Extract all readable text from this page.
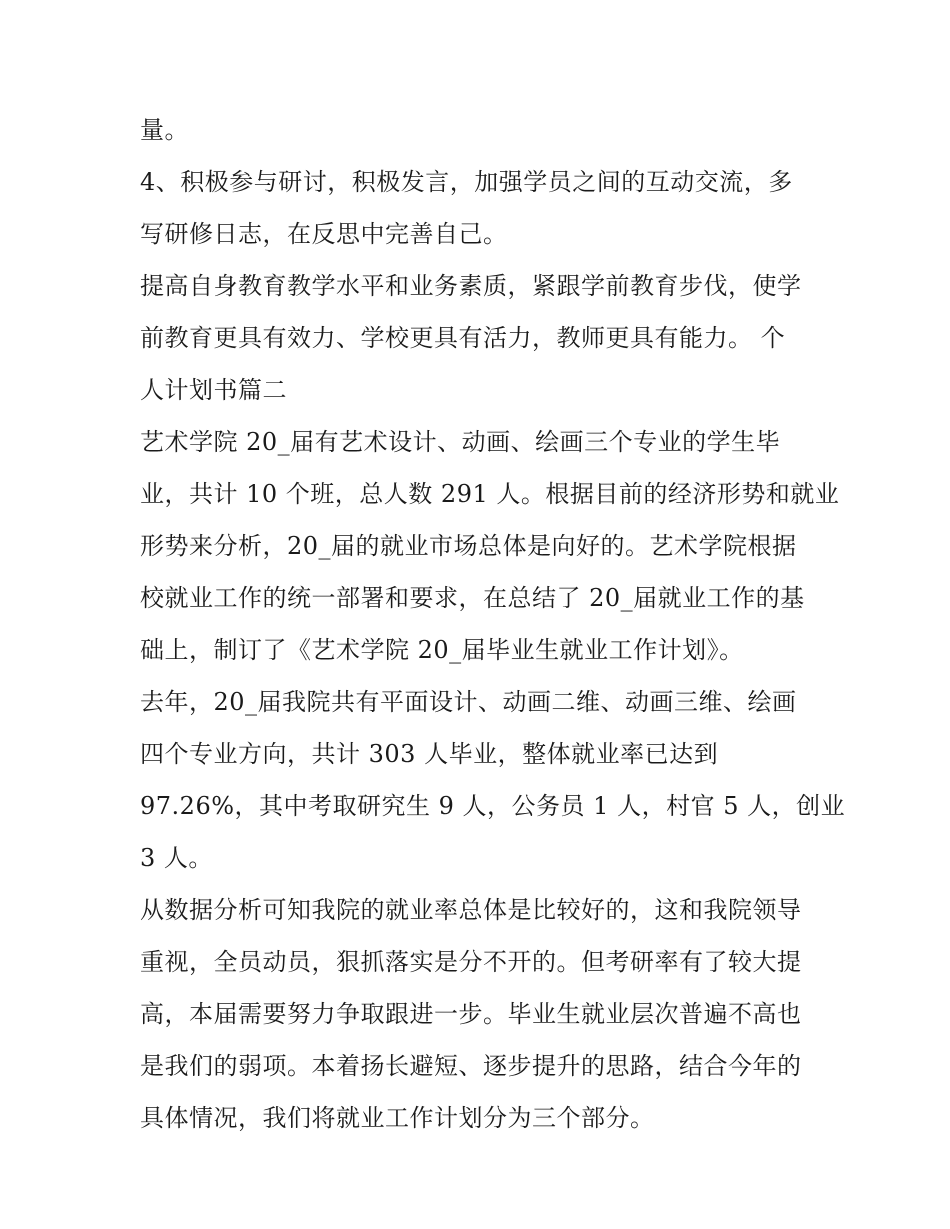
量。
4、积极参与研讨，积极发言，加强学员之间的互动交流，多
写研修日志，在反思中完善自己。
提高自身教育教学水平和业务素质，紧跟学前教育步伐，使学
前教育更具有效力、学校更具有活力，教师更具有能力。 个
人计划书篇二
艺术学院 20_届有艺术设计、动画、绘画三个专业的学生毕
业，共计 10 个班，总人数 291 人。根据目前的经济形势和就业
形势来分析，20_届的就业市场总体是向好的。艺术学院根据
校就业工作的统一部署和要求，在总结了 20_届就业工作的基
础上，制订了《艺术学院 20_届毕业生就业工作计划》。
去年，20_届我院共有平面设计、动画二维、动画三维、绘画
四个专业方向，共计 303 人毕业，整体就业率已达到
97.26%，其中考取研究生 9 人，公务员 1 人，村官 5 人，创业
3 人。
从数据分析可知我院的就业率总体是比较好的，这和我院领导
重视，全员动员，狠抓落实是分不开的。但考研率有了较大提
高，本届需要努力争取跟进一步。毕业生就业层次普遍不高也
是我们的弱项。本着扬长避短、逐步提升的思路，结合今年的
具体情况，我们将就业工作计划分为三个部分。
